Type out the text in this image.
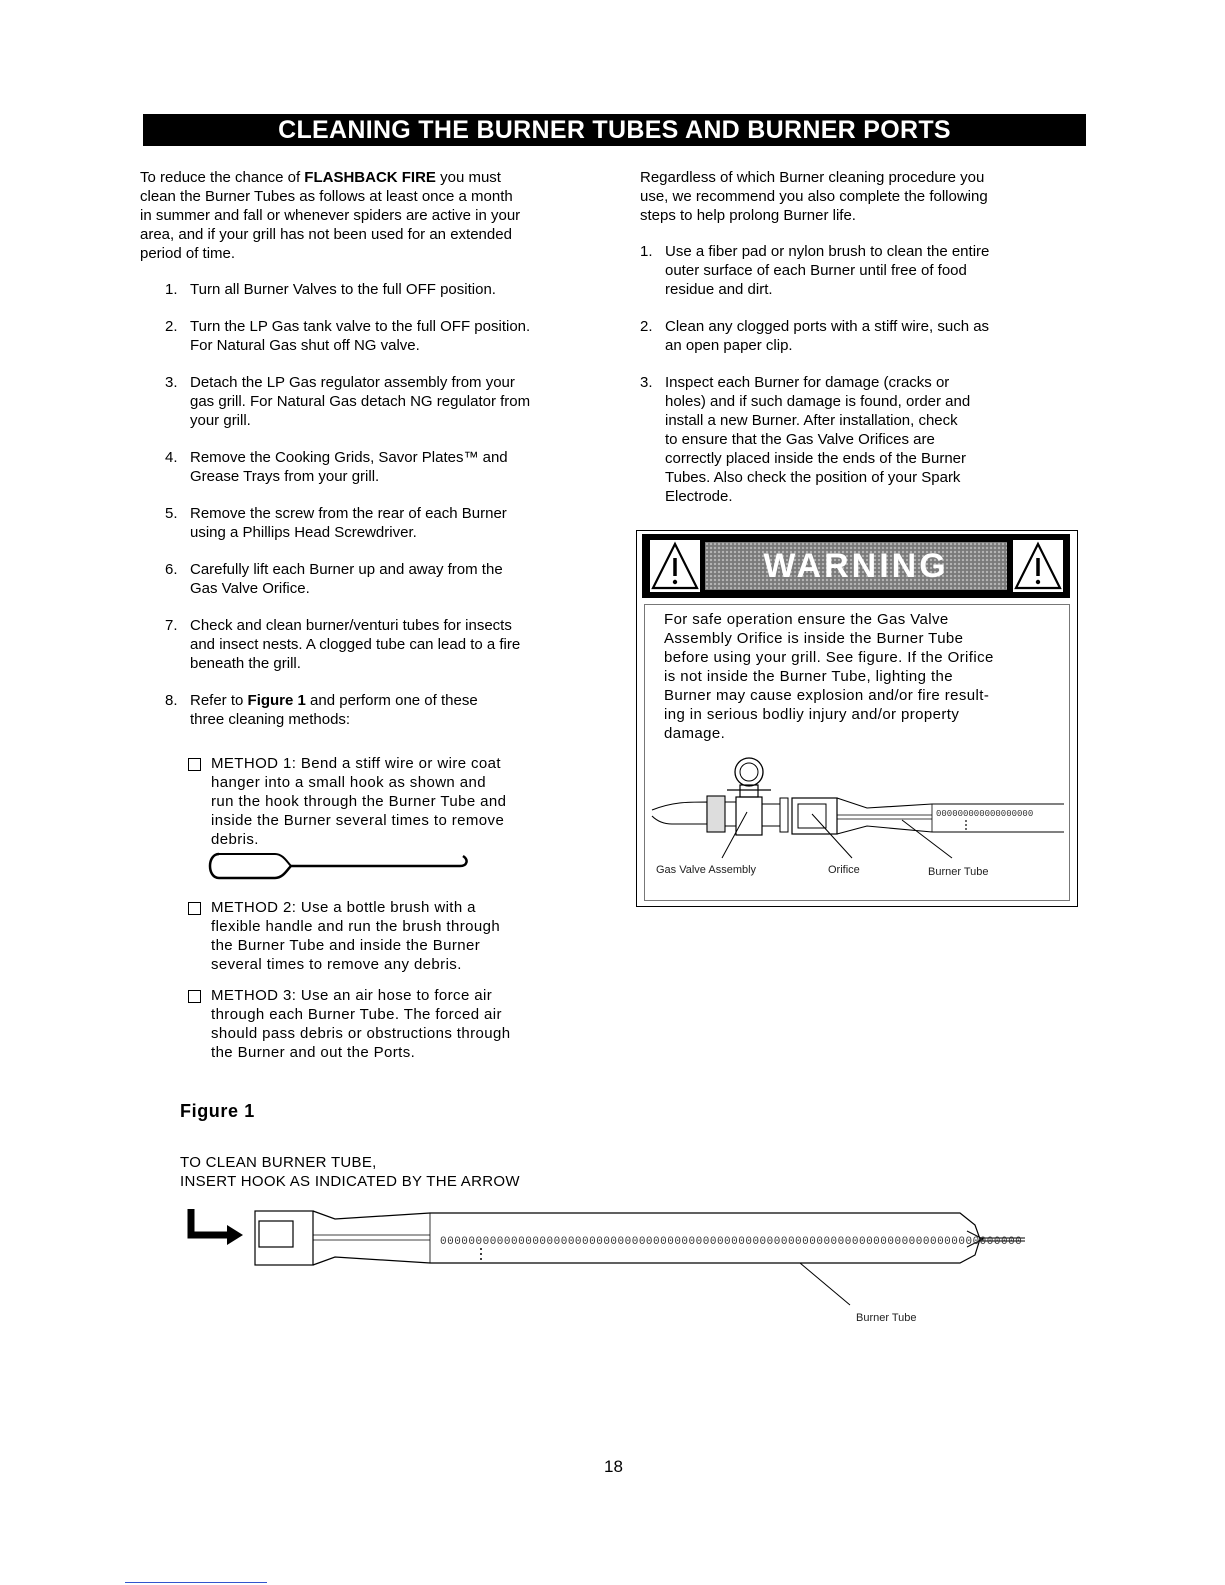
CLEANING THE BURNER TUBES AND BURNER PORTS
To reduce the chance of FLASHBACK FIRE you must
clean the Burner Tubes as follows at least once a month
in summer and fall or whenever spiders are active in your
area, and if your grill has not been used for an extended
period of time.
1. Turn all Burner Valves to the full OFF position.
2. Turn the LP Gas tank valve to the full OFF position.
For Natural Gas shut off NG valve.
3. Detach the LP Gas regulator assembly from your
gas grill. For Natural Gas detach NG regulator from
your grill.
4. Remove the Cooking Grids, Savor Plates™ and
Grease Trays from your grill.
5. Remove the screw from the rear of each Burner
using a Phillips Head Screwdriver.
6. Carefully lift each Burner up and away from the
Gas Valve Orifice.
7. Check and clean burner/venturi tubes for insects
and insect nests. A clogged tube can lead to a fire
beneath the grill.
8. Refer to Figure 1 and perform one of these
three cleaning methods:
METHOD 1: Bend a stiff wire or wire coat
hanger into a small hook as shown and
run the hook through the Burner Tube and
inside the Burner several times to remove
debris.
METHOD 2: Use a bottle brush with a
flexible handle and run the brush through
the Burner Tube and inside the Burner
several times to remove any debris.
METHOD 3: Use an air hose to force air
through each Burner Tube. The forced air
should pass debris or obstructions through
the Burner and out the Ports.
Figure 1
TO CLEAN BURNER TUBE,
INSERT HOOK AS INDICATED BY THE ARROW
0000000000000000000000000000000000000000000000000000000000000000000000000000000000
Burner Tube
Regardless of which Burner cleaning procedure you
use, we recommend you also complete the following
steps to help prolong Burner life.
1. Use a fiber pad or nylon brush to clean the entire
outer surface of each Burner until free of food
residue and dirt.
2. Clean any clogged ports with a stiff wire, such as
an open paper clip.
3. Inspect each Burner for damage (cracks or
holes) and if such damage is found, order and
install a new Burner. After installation, check
to ensure that the Gas Valve Orifices are
correctly placed inside the ends of the Burner
Tubes. Also check the position of your Spark
Electrode.
WARNING
For safe operation ensure the Gas Valve
Assembly Orifice is inside the Burner Tube
before using your grill. See figure. If the Orifice
is not inside the Burner Tube, lighting the
Burner may cause explosion and/or fire result-
ing in serious bodliy injury and/or property
damage.
000000000000000000
Gas Valve Assembly	Orifice	Burner Tube
18
